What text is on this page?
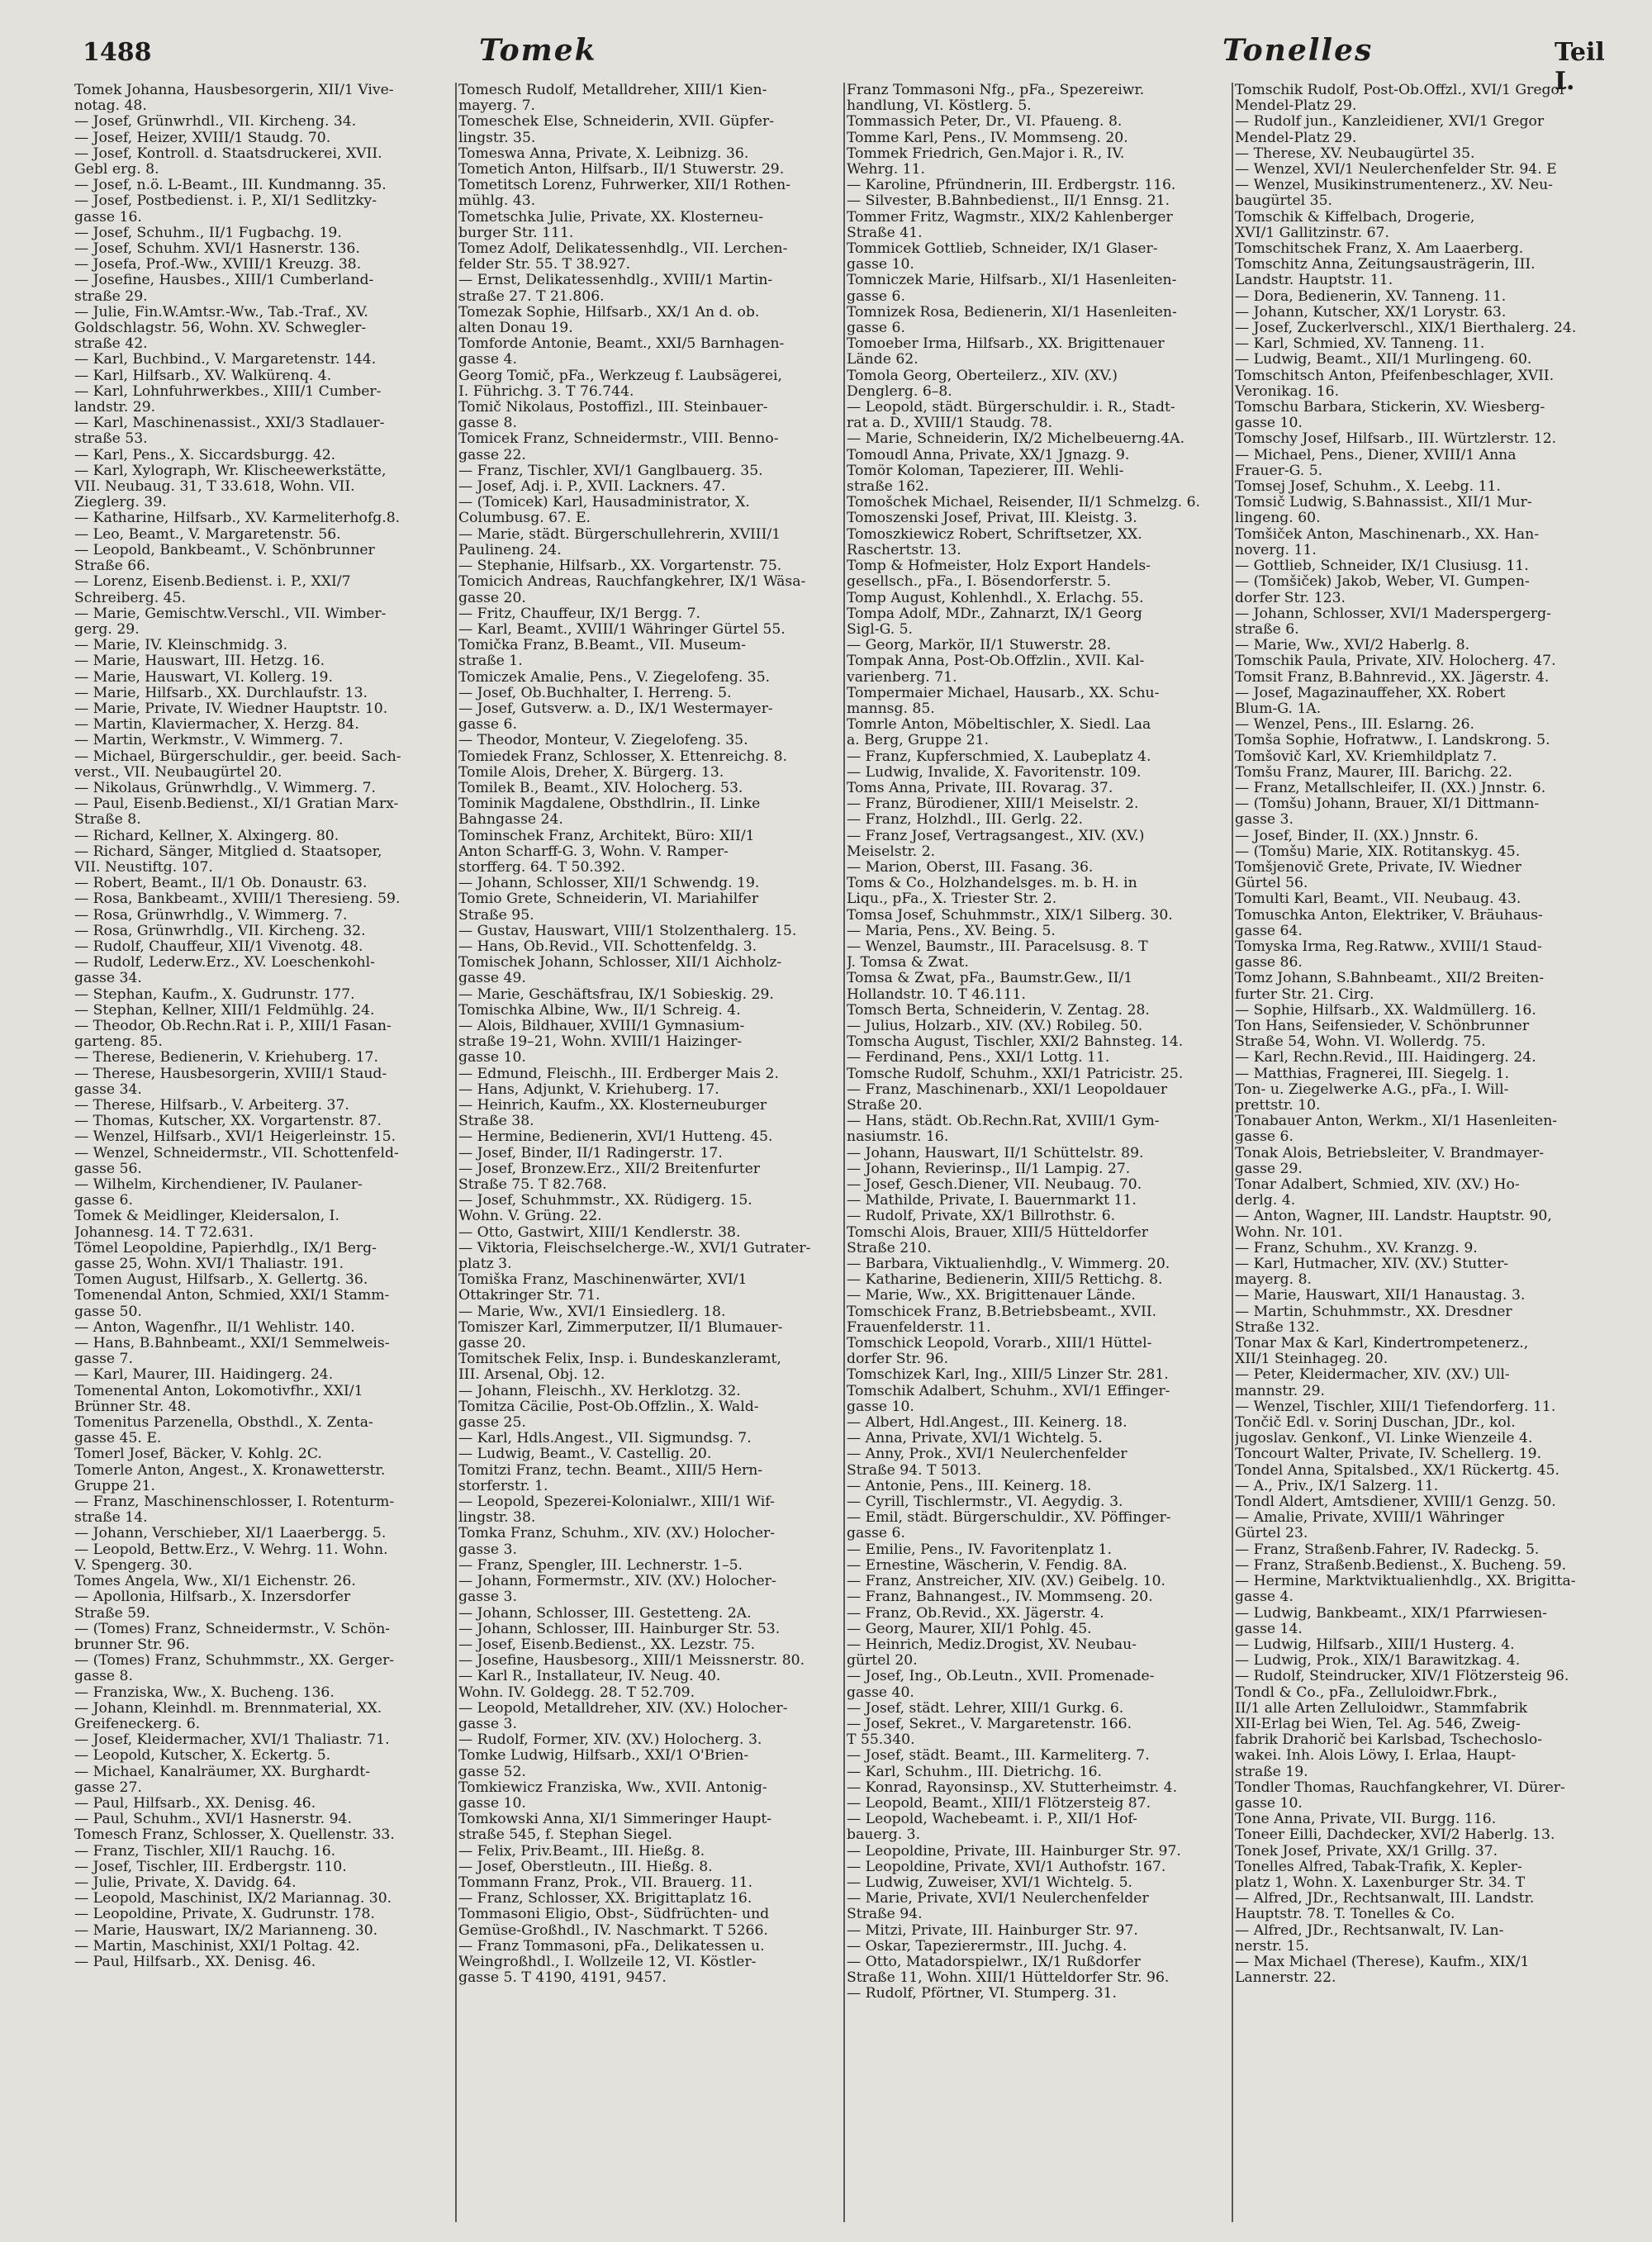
1488	Tomek	Tonelles	Teil I.
Tomek Johanna, Hausbesorgerin, XII/1 Vive-
notag. 48.
— Josef, Grünwrhdl., VII. Kircheng. 34.
— Josef, Heizer, XVIII/1 Staudg. 70.
— Josef, Kontroll. d. Staatsdruckerei, XVII.
Gebl erg. 8.
— Josef, n.ö. L-Beamt., III. Kundmanng. 35.
— Josef, Postbedienst. i. P., XI/1 Sedlitzky-
gasse 16.
— Josef, Schuhm., II/1 Fugbachg. 19.
— Josef, Schuhm. XVI/1 Hasnerstr. 136.
— Josefa, Prof.-Ww., XVIII/1 Kreuzg. 38.
— Josefine, Hausbes., XIII/1 Cumberland-
straße 29.
— Julie, Fin.W.Amtsr.-Ww., Tab.-Traf., XV.
Goldschlagstr. 56, Wohn. XV. Schwegler-
straße 42.
— Karl, Buchbind., V. Margaretenstr. 144.
— Karl, Hilfsarb., XV. Walkürenq. 4.
— Karl, Lohnfuhrwerkbes., XIII/1 Cumber-
landstr. 29.
— Karl, Maschinenassist., XXI/3 Stadlauer-
straße 53.
— Karl, Pens., X. Siccardsburgg. 42.
— Karl, Xylograph, Wr. Klischeewerkstätte,
VII. Neubaug. 31, T 33.618, Wohn. VII.
Zieglerg. 39.
— Katharine, Hilfsarb., XV. Karmeliterhofg.8.
— Leo, Beamt., V. Margaretenstr. 56.
— Leopold, Bankbeamt., V. Schönbrunner
Straße 66.
— Lorenz, Eisenb.Bedienst. i. P., XXI/7
Schreiberg. 45.
— Marie, Gemischtw.Verschl., VII. Wimber-
gerg. 29.
— Marie, IV. Kleinschmidg. 3.
— Marie, Hauswart, III. Hetzg. 16.
— Marie, Hauswart, VI. Kollerg. 19.
— Marie, Hilfsarb., XX. Durchlaufstr. 13.
— Marie, Private, IV. Wiedner Hauptstr. 10.
— Martin, Klaviermacher, X. Herzg. 84.
— Martin, Werkmstr., V. Wimmerg. 7.
— Michael, Bürgerschuldir., ger. beeid. Sach-
verst., VII. Neubaugürtel 20.
— Nikolaus, Grünwrhdlg., V. Wimmerg. 7.
— Paul, Eisenb.Bedienst., XI/1 Gratian Marx-
Straße 8.
— Richard, Kellner, X. Alxingerg. 80.
— Richard, Sänger, Mitglied d. Staatsoper,
VII. Neustiftg. 107.
— Robert, Beamt., II/1 Ob. Donaustr. 63.
— Rosa, Bankbeamt., XVIII/1 Theresieng. 59.
— Rosa, Grünwrhdlg., V. Wimmerg. 7.
— Rosa, Grünwrhdlg., VII. Kircheng. 32.
— Rudolf, Chauffeur, XII/1 Vivenotg. 48.
— Rudolf, Lederw.Erz., XV. Loeschenkohl-
gasse 34.
— Stephan, Kaufm., X. Gudrunstr. 177.
— Stephan, Kellner, XIII/1 Feldmühlg. 24.
— Theodor, Ob.Rechn.Rat i. P., XIII/1 Fasan-
garteng. 85.
— Therese, Bedienerin, V. Kriehuberg. 17.
— Therese, Hausbesorgerin, XVIII/1 Staud-
gasse 34.
— Therese, Hilfsarb., V. Arbeiterg. 37.
— Thomas, Kutscher, XX. Vorgartenstr. 87.
— Wenzel, Hilfsarb., XVI/1 Heigerleinstr. 15.
— Wenzel, Schneidermstr., VII. Schottenfeld-
gasse 56.
— Wilhelm, Kirchendiener, IV. Paulaner-
gasse 6.
Tomek & Meidlinger, Kleidersalon, I.
Johannesg. 14. T 72.631.
Tömel Leopoldine, Papierhdlg., IX/1 Berg-
gasse 25, Wohn. XVI/1 Thaliastr. 191.
Tomen August, Hilfsarb., X. Gellertg. 36.
Tomenendal Anton, Schmied, XXI/1 Stamm-
gasse 50.
— Anton, Wagenfhr., II/1 Wehlistr. 140.
— Hans, B.Bahnbeamt., XXI/1 Semmelweis-
gasse 7.
— Karl, Maurer, III. Haidingerg. 24.
Tomenental Anton, Lokomotivfhr., XXI/1
Brünner Str. 48.
Tomenitus Parzenella, Obsthdl., X. Zenta-
gasse 45. E.
Tomerl Josef, Bäcker, V. Kohlg. 2C.
Tomerle Anton, Angest., X. Kronawetterstr.
Gruppe 21.
— Franz, Maschinenschlosser, I. Rotenturm-
straße 14.
— Johann, Verschieber, XI/1 Laaerbergg. 5.
— Leopold, Bettw.Erz., V. Wehrg. 11. Wohn.
V. Spengerg. 30.
Tomes Angela, Ww., XI/1 Eichenstr. 26.
— Apollonia, Hilfsarb., X. Inzersdorfer
Straße 59.
— (Tomes) Franz, Schneidermstr., V. Schön-
brunner Str. 96.
— (Tomes) Franz, Schuhmmstr., XX. Gerger-
gasse 8.
— Franziska, Ww., X. Bucheng. 136.
— Johann, Kleinhdl. m. Brennmaterial, XX.
Greifeneckerg. 6.
— Josef, Kleidermacher, XVI/1 Thaliastr. 71.
— Leopold, Kutscher, X. Eckertg. 5.
— Michael, Kanalräumer, XX. Burghardt-
gasse 27.
— Paul, Hilfsarb., XX. Denisg. 46.
— Paul, Schuhm., XVI/1 Hasnerstr. 94.
Tomesch Franz, Schlosser, X. Quellenstr. 33.
— Franz, Tischler, XII/1 Rauchg. 16.
— Josef, Tischler, III. Erdbergstr. 110.
— Julie, Private, X. Davidg. 64.
— Leopold, Maschinist, IX/2 Mariannag. 30.
— Leopoldine, Private, X. Gudrunstr. 178.
— Marie, Hauswart, IX/2 Marianneng. 30.
— Martin, Maschinist, XXI/1 Poltag. 42.
— Paul, Hilfsarb., XX. Denisg. 46.
Tomesch Rudolf, Metalldreher, XIII/1 Kien-
mayerg. 7.
Tomeschek Else, Schneiderin, XVII. Güpfer-
lingstr. 35.
Tomeswa Anna, Private, X. Leibnizg. 36.
Tometich Anton, Hilfsarb., II/1 Stuwerstr. 29.
Tometitsch Lorenz, Fuhrwerker, XII/1 Rothen-
mühlg. 43.
Tometschka Julie, Private, XX. Klosterneu-
burger Str. 111.
Tomez Adolf, Delikatessenhdlg., VII. Lerchen-
felder Str. 55. T 38.927.
— Ernst, Delikatessenhdlg., XVIII/1 Martin-
straße 27. T 21.806.
Tomezak Sophie, Hilfsarb., XX/1 An d. ob.
alten Donau 19.
Tomforde Antonie, Beamt., XXI/5 Barnhagen-
gasse 4.
Georg Tomič, pFa., Werkzeug f. Laubsägerei,
I. Führichg. 3. T 76.744.
Tomič Nikolaus, Postoffizl., III. Steinbauer-
gasse 8.
Tomicek Franz, Schneidermstr., VIII. Benno-
gasse 22.
— Franz, Tischler, XVI/1 Ganglbauerg. 35.
— Josef, Adj. i. P., XVII. Lackners. 47.
— (Tomicek) Karl, Hausadministrator, X.
Columbusg. 67. E.
— Marie, städt. Bürgerschullehrerin, XVIII/1
Paulineng. 24.
— Stephanie, Hilfsarb., XX. Vorgartenstr. 75.
Tomicich Andreas, Rauchfangkehrer, IX/1 Wäsa-
gasse 20.
— Fritz, Chauffeur, IX/1 Bergg. 7.
— Karl, Beamt., XVIII/1 Währinger Gürtel 55.
Tomička Franz, B.Beamt., VII. Museum-
straße 1.
Tomiczek Amalie, Pens., V. Ziegelofeng. 35.
— Josef, Ob.Buchhalter, I. Herreng. 5.
— Josef, Gutsverw. a. D., IX/1 Westermayer-
gasse 6.
— Theodor, Monteur, V. Ziegelofeng. 35.
Tomiedek Franz, Schlosser, X. Ettenreichg. 8.
Tomile Alois, Dreher, X. Bürgerg. 13.
Tomilek B., Beamt., XIV. Holocherg. 53.
Tominik Magdalene, Obsthdlrin., II. Linke
Bahngasse 24.
Tominschek Franz, Architekt, Büro: XII/1
Anton Scharff-G. 3, Wohn. V. Ramper-
storfferg. 64. T 50.392.
— Johann, Schlosser, XII/1 Schwendg. 19.
Tomio Grete, Schneiderin, VI. Mariahilfer
Straße 95.
— Gustav, Hauswart, VIII/1 Stolzenthalerg. 15.
— Hans, Ob.Revid., VII. Schottenfeldg. 3.
Tomischek Johann, Schlosser, XII/1 Aichholz-
gasse 49.
— Marie, Geschäftsfrau, IX/1 Sobieskig. 29.
Tomischka Albine, Ww., II/1 Schreig. 4.
— Alois, Bildhauer, XVIII/1 Gymnasium-
straße 19–21, Wohn. XVIII/1 Haizinger-
gasse 10.
— Edmund, Fleischh., III. Erdberger Mais 2.
— Hans, Adjunkt, V. Kriehuberg. 17.
— Heinrich, Kaufm., XX. Klosterneuburger
Straße 38.
— Hermine, Bedienerin, XVI/1 Hutteng. 45.
— Josef, Binder, II/1 Radingerstr. 17.
— Josef, Bronzew.Erz., XII/2 Breitenfurter
Straße 75. T 82.768.
— Josef, Schuhmmstr., XX. Rüdigerg. 15.
Wohn. V. Grüng. 22.
— Otto, Gastwirt, XIII/1 Kendlerstr. 38.
— Viktoria, Fleischselcherge.-W., XVI/1 Gutrater-
platz 3.
Tomiška Franz, Maschinenwärter, XVI/1
Ottakringer Str. 71.
— Marie, Ww., XVI/1 Einsiedlerg. 18.
Tomiszer Karl, Zimmerputzer, II/1 Blumauer-
gasse 20.
Tomitschek Felix, Insp. i. Bundeskanzleramt,
III. Arsenal, Obj. 12.
— Johann, Fleischh., XV. Herklotzg. 32.
Tomitza Cäcilie, Post-Ob.Offzlin., X. Wald-
gasse 25.
— Karl, Hdls.Angest., VII. Sigmundsg. 7.
— Ludwig, Beamt., V. Castellig. 20.
Tomitzi Franz, techn. Beamt., XIII/5 Hern-
storferstr. 1.
— Leopold, Spezerei-Kolonialwr., XIII/1 Wif-
lingstr. 38.
Tomka Franz, Schuhm., XIV. (XV.) Holocher-
gasse 3.
— Franz, Spengler, III. Lechnerstr. 1–5.
— Johann, Formermstr., XIV. (XV.) Holocher-
gasse 3.
— Johann, Schlosser, III. Gestetteng. 2A.
— Johann, Schlosser, III. Hainburger Str. 53.
— Josef, Eisenb.Bedienst., XX. Lezstr. 75.
— Josefine, Hausbesorg., XIII/1 Meissnerstr. 80.
— Karl R., Installateur, IV. Neug. 40.
Wohn. IV. Goldegg. 28. T 52.709.
— Leopold, Metalldreher, XIV. (XV.) Holocher-
gasse 3.
— Rudolf, Former, XIV. (XV.) Holocherg. 3.
Tomke Ludwig, Hilfsarb., XXI/1 O'Brien-
gasse 52.
Tomkiewicz Franziska, Ww., XVII. Antonig-
gasse 10.
Tomkowski Anna, XI/1 Simmeringer Haupt-
straße 545, f. Stephan Siegel.
— Felix, Priv.Beamt., III. Hießg. 8.
— Josef, Oberstleutn., III. Hießg. 8.
Tommann Franz, Prok., VII. Brauerg. 11.
— Franz, Schlosser, XX. Brigittaplatz 16.
Tommasoni Eligio, Obst-, Südfrüchten- und
Gemüse-Großhdl., IV. Naschmarkt. T 5266.
— Franz Tommasoni, pFa., Delikatessen u.
Weingroßhdl., I. Wollzeile 12, VI. Köstler-
gasse 5. T 4190, 4191, 9457.
Franz Tommasoni Nfg., pFa., Spezereiwr.
handlung, VI. Köstlerg. 5.
Tommassich Peter, Dr., VI. Pfaueng. 8.
Tomme Karl, Pens., IV. Mommseng. 20.
Tommek Friedrich, Gen.Major i. R., IV.
Wehrg. 11.
— Karoline, Pfründnerin, III. Erdbergstr. 116.
— Silvester, B.Bahnbedienst., II/1 Ennsg. 21.
Tommer Fritz, Wagmstr., XIX/2 Kahlenberger
Straße 41.
Tommicek Gottlieb, Schneider, IX/1 Glaser-
gasse 10.
Tomniczek Marie, Hilfsarb., XI/1 Hasenleiten-
gasse 6.
Tomnizek Rosa, Bedienerin, XI/1 Hasenleiten-
gasse 6.
Tomoeber Irma, Hilfsarb., XX. Brigittenauer
Lände 62.
Tomola Georg, Oberteilerz., XIV. (XV.)
Denglerg. 6–8.
— Leopold, städt. Bürgerschuldir. i. R., Stadt-
rat a. D., XVIII/1 Staudg. 78.
— Marie, Schneiderin, IX/2 Michelbeuerng.4A.
Tomoudl Anna, Private, XX/1 Jgnazg. 9.
Tomör Koloman, Tapezierer, III. Wehli-
straße 162.
Tomošchek Michael, Reisender, II/1 Schmelzg. 6.
Tomoszenski Josef, Privat, III. Kleistg. 3.
Tomoszkiewicz Robert, Schriftsetzer, XX.
Raschertstr. 13.
Tomp & Hofmeister, Holz Export Handels-
gesellsch., pFa., I. Bösendorferstr. 5.
Tomp August, Kohlenhdl., X. Erlachg. 55.
Tompa Adolf, MDr., Zahnarzt, IX/1 Georg
Sigl-G. 5.
— Georg, Markör, II/1 Stuwerstr. 28.
Tompak Anna, Post-Ob.Offzlin., XVII. Kal-
varienberg. 71.
Tompermaier Michael, Hausarb., XX. Schu-
mannsg. 85.
Tomrle Anton, Möbeltischler, X. Siedl. Laa
a. Berg, Gruppe 21.
— Franz, Kupferschmied, X. Laubeplatz 4.
— Ludwig, Invalide, X. Favoritenstr. 109.
Toms Anna, Private, III. Rovarag. 37.
— Franz, Bürodiener, XIII/1 Meiselstr. 2.
— Franz, Holzhdl., III. Gerlg. 22.
— Franz Josef, Vertragsangest., XIV. (XV.)
Meiselstr. 2.
— Marion, Oberst, III. Fasang. 36.
Toms & Co., Holzhandelsges. m. b. H. in
Liqu., pFa., X. Triester Str. 2.
Tomsa Josef, Schuhmmstr., XIX/1 Silberg. 30.
— Maria, Pens., XV. Being. 5.
— Wenzel, Baumstr., III. Paracelsusg. 8. T
J. Tomsa & Zwat.
Tomsa & Zwat, pFa., Baumstr.Gew., II/1
Hollandstr. 10. T 46.111.
Tomsch Berta, Schneiderin, V. Zentag. 28.
— Julius, Holzarb., XIV. (XV.) Robileg. 50.
Tomscha August, Tischler, XXI/2 Bahnsteg. 14.
— Ferdinand, Pens., XXI/1 Lottg. 11.
Tomsche Rudolf, Schuhm., XXI/1 Patricistr. 25.
— Franz, Maschinenarb., XXI/1 Leopoldauer
Straße 20.
— Hans, städt. Ob.Rechn.Rat, XVIII/1 Gym-
nasiumstr. 16.
— Johann, Hauswart, II/1 Schüttelstr. 89.
— Johann, Revierinsp., II/1 Lampig. 27.
— Josef, Gesch.Diener, VII. Neubaug. 70.
— Mathilde, Private, I. Bauernmarkt 11.
— Rudolf, Private, XX/1 Billrothstr. 6.
Tomschi Alois, Brauer, XIII/5 Hütteldorfer
Straße 210.
— Barbara, Viktualienhdlg., V. Wimmerg. 20.
— Katharine, Bedienerin, XIII/5 Rettichg. 8.
— Marie, Ww., XX. Brigittenauer Lände.
Tomschicek Franz, B.Betriebsbeamt., XVII.
Frauenfelderstr. 11.
Tomschick Leopold, Vorarb., XIII/1 Hüttel-
dorfer Str. 96.
Tomschizek Karl, Ing., XIII/5 Linzer Str. 281.
Tomschik Adalbert, Schuhm., XVI/1 Effinger-
gasse 10.
— Albert, Hdl.Angest., III. Keinerg. 18.
— Anna, Private, XVI/1 Wichtelg. 5.
— Anny, Prok., XVI/1 Neulerchenfelder
Straße 94. T 5013.
— Antonie, Pens., III. Keinerg. 18.
— Cyrill, Tischlermstr., VI. Aegydig. 3.
— Emil, städt. Bürgerschuldir., XV. Pöffinger-
gasse 6.
— Emilie, Pens., IV. Favoritenplatz 1.
— Ernestine, Wäscherin, V. Fendig. 8A.
— Franz, Anstreicher, XIV. (XV.) Geibelg. 10.
— Franz, Bahnangest., IV. Mommseng. 20.
— Franz, Ob.Revid., XX. Jägerstr. 4.
— Georg, Maurer, XII/1 Pohlg. 45.
— Heinrich, Mediz.Drogist, XV. Neubau-
gürtel 20.
— Josef, Ing., Ob.Leutn., XVII. Promenade-
gasse 40.
— Josef, städt. Lehrer, XIII/1 Gurkg. 6.
— Josef, Sekret., V. Margaretenstr. 166.
T 55.340.
— Josef, städt. Beamt., III. Karmeliterg. 7.
— Karl, Schuhm., III. Dietrichg. 16.
— Konrad, Rayonsinsp., XV. Stutterheimstr. 4.
— Leopold, Beamt., XIII/1 Flötzersteig 87.
— Leopold, Wachebeamt. i. P., XII/1 Hof-
bauerg. 3.
— Leopoldine, Private, III. Hainburger Str. 97.
— Leopoldine, Private, XVI/1 Authofstr. 167.
— Ludwig, Zuweiser, XVI/1 Wichtelg. 5.
— Marie, Private, XVI/1 Neulerchenfelder
Straße 94.
— Mitzi, Private, III. Hainburger Str. 97.
— Oskar, Tapezierermstr., III. Juchg. 4.
— Otto, Matadorspielwr., IX/1 Rußdorfer
Straße 11, Wohn. XIII/1 Hütteldorfer Str. 96.
— Rudolf, Pförtner, VI. Stumperg. 31.
Tomschik Rudolf, Post-Ob.Offzl., XVI/1 Gregor
Mendel-Platz 29.
— Rudolf jun., Kanzleidiener, XVI/1 Gregor
Mendel-Platz 29.
— Therese, XV. Neubaugürtel 35.
— Wenzel, XVI/1 Neulerchenfelder Str. 94. E
— Wenzel, Musikinstrumentenerz., XV. Neu-
baugürtel 35.
Tomschik & Kiffelbach, Drogerie,
XVI/1 Gallitzinstr. 67.
Tomschitschek Franz, X. Am Laaerberg.
Tomschitz Anna, Zeitungsausträgerin, III.
Landstr. Hauptstr. 11.
— Dora, Bedienerin, XV. Tanneng. 11.
— Johann, Kutscher, XX/1 Lorystr. 63.
— Josef, Zuckerlverschl., XIX/1 Bierthalerg. 24.
— Karl, Schmied, XV. Tanneng. 11.
— Ludwig, Beamt., XII/1 Murlingeng. 60.
Tomschitsch Anton, Pfeifenbeschlager, XVII.
Veronikag. 16.
Tomschu Barbara, Stickerin, XV. Wiesberg-
gasse 10.
Tomschy Josef, Hilfsarb., III. Würtzlerstr. 12.
— Michael, Pens., Diener, XVIII/1 Anna
Frauer-G. 5.
Tomsej Josef, Schuhm., X. Leebg. 11.
Tomsič Ludwig, S.Bahnassist., XII/1 Mur-
lingeng. 60.
Tomšiček Anton, Maschinenarb., XX. Han-
noverg. 11.
— Gottlieb, Schneider, IX/1 Clusiusg. 11.
— (Tomšiček) Jakob, Weber, VI. Gumpen-
dorfer Str. 123.
— Johann, Schlosser, XVI/1 Maderspergerg-
straße 6.
— Marie, Ww., XVI/2 Haberlg. 8.
Tomschik Paula, Private, XIV. Holocherg. 47.
Tomsit Franz, B.Bahnrevid., XX. Jägerstr. 4.
— Josef, Magazinauffeher, XX. Robert
Blum-G. 1A.
— Wenzel, Pens., III. Eslarng. 26.
Tomša Sophie, Hofratww., I. Landskrong. 5.
Tomšovič Karl, XV. Kriemhildplatz 7.
Tomšu Franz, Maurer, III. Barichg. 22.
— Franz, Metallschleifer, II. (XX.) Jnnstr. 6.
— (Tomšu) Johann, Brauer, XI/1 Dittmann-
gasse 3.
— Josef, Binder, II. (XX.) Jnnstr. 6.
— (Tomšu) Marie, XIX. Rotitanskyg. 45.
Tomšjenovič Grete, Private, IV. Wiedner
Gürtel 56.
Tomulti Karl, Beamt., VII. Neubaug. 43.
Tomuschka Anton, Elektriker, V. Bräuhaus-
gasse 64.
Tomyska Irma, Reg.Ratww., XVIII/1 Staud-
gasse 86.
Tomz Johann, S.Bahnbeamt., XII/2 Breiten-
furter Str. 21. Cirg.
— Sophie, Hilfsarb., XX. Waldmüllerg. 16.
Ton Hans, Seifensieder, V. Schönbrunner
Straße 54, Wohn. VI. Wollerdg. 75.
— Karl, Rechn.Revid., III. Haidingerg. 24.
— Matthias, Fragnerei, III. Siegelg. 1.
Ton- u. Ziegelwerke A.G., pFa., I. Will-
prettstr. 10.
Tonabauer Anton, Werkm., XI/1 Hasenleiten-
gasse 6.
Tonak Alois, Betriebsleiter, V. Brandmayer-
gasse 29.
Tonar Adalbert, Schmied, XIV. (XV.) Ho-
derlg. 4.
— Anton, Wagner, III. Landstr. Hauptstr. 90,
Wohn. Nr. 101.
— Franz, Schuhm., XV. Kranzg. 9.
— Karl, Hutmacher, XIV. (XV.) Stutter-
mayerg. 8.
— Marie, Hauswart, XII/1 Hanaustag. 3.
— Martin, Schuhmmstr., XX. Dresdner
Straße 132.
Tonar Max & Karl, Kindertrompetenerz.,
XII/1 Steinhageg. 20.
— Peter, Kleidermacher, XIV. (XV.) Ull-
mannstr. 29.
— Wenzel, Tischler, XIII/1 Tiefendorferg. 11.
Tončič Edl. v. Sorinj Duschan, JDr., kol.
jugoslav. Genkonf., VI. Linke Wienzeile 4.
Toncourt Walter, Private, IV. Schellerg. 19.
Tondel Anna, Spitalsbed., XX/1 Rückertg. 45.
— A., Priv., IX/1 Salzerg. 11.
Tondl Aldert, Amtsdiener, XVIII/1 Genzg. 50.
— Amalie, Private, XVIII/1 Währinger
Gürtel 23.
— Franz, Straßenb.Fahrer, IV. Radeckg. 5.
— Franz, Straßenb.Bedienst., X. Bucheng. 59.
— Hermine, Marktviktualienhdlg., XX. Brigitta-
gasse 4.
— Ludwig, Bankbeamt., XIX/1 Pfarrwiesen-
gasse 14.
— Ludwig, Hilfsarb., XIII/1 Husterg. 4.
— Ludwig, Prok., XIX/1 Barawitzkag. 4.
— Rudolf, Steindrucker, XIV/1 Flötzersteig 96.
Tondl & Co., pFa., Zelluloidwr.Fbrk.,
II/1 alle Arten Zelluloidwr., Stammfabrik
XII-Erlag bei Wien, Tel. Ag. 546, Zweig-
fabrik Drahorič bei Karlsbad, Tschechoslo-
wakei. Inh. Alois Löwy, I. Erlaa, Haupt-
straße 19.
Tondler Thomas, Rauchfangkehrer, VI. Dürer-
gasse 10.
Tone Anna, Private, VII. Burgg. 116.
Toneer Eilli, Dachdecker, XVI/2 Haberlg. 13.
Tonek Josef, Private, XX/1 Grillg. 37.
Tonelles Alfred, Tabak-Trafik, X. Kepler-
platz 1, Wohn. X. Laxenburger Str. 34. T
— Alfred, JDr., Rechtsanwalt, III. Landstr.
Hauptstr. 78. T. Tonelles & Co.
— Alfred, JDr., Rechtsanwalt, IV. Lan-
nerstr. 15.
— Max Michael (Therese), Kaufm., XIX/1
Lannerstr. 22.
